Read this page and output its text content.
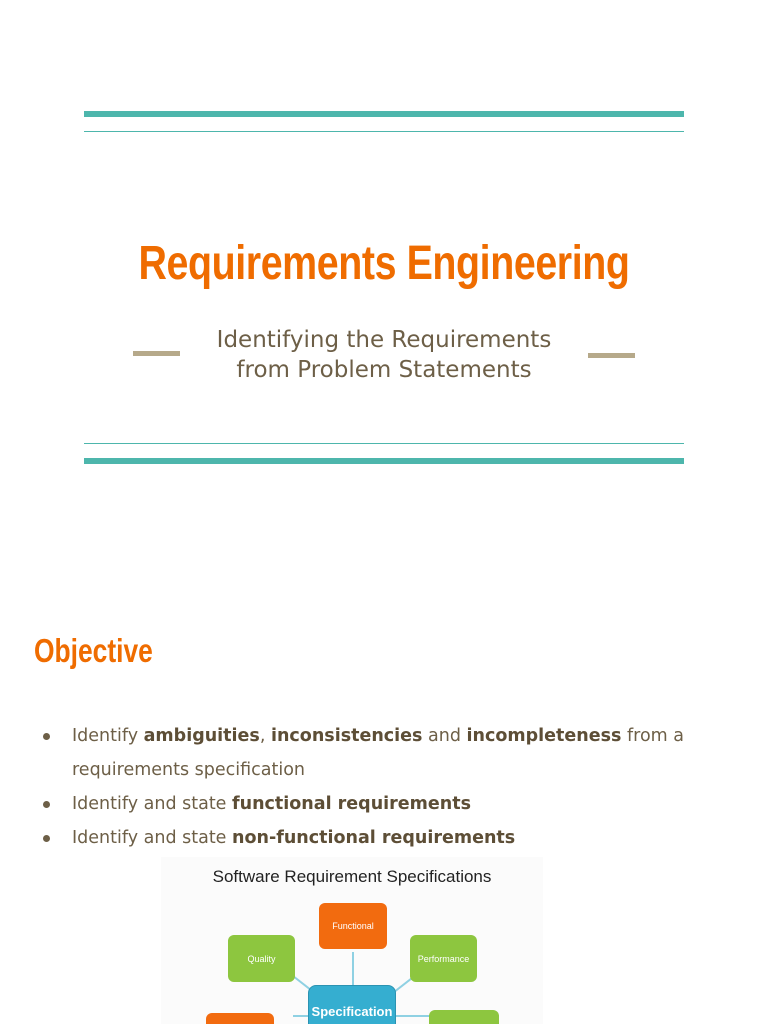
Requirements Engineering
Identifying the Requirements
from Problem Statements
Objective
Identify ambiguities, inconsistencies and incompleteness from a requirements specification
Identify and state functional requirements
Identify and state non-functional requirements
Software Requirement Specifications
Functional
Quality	Performance
Specification
